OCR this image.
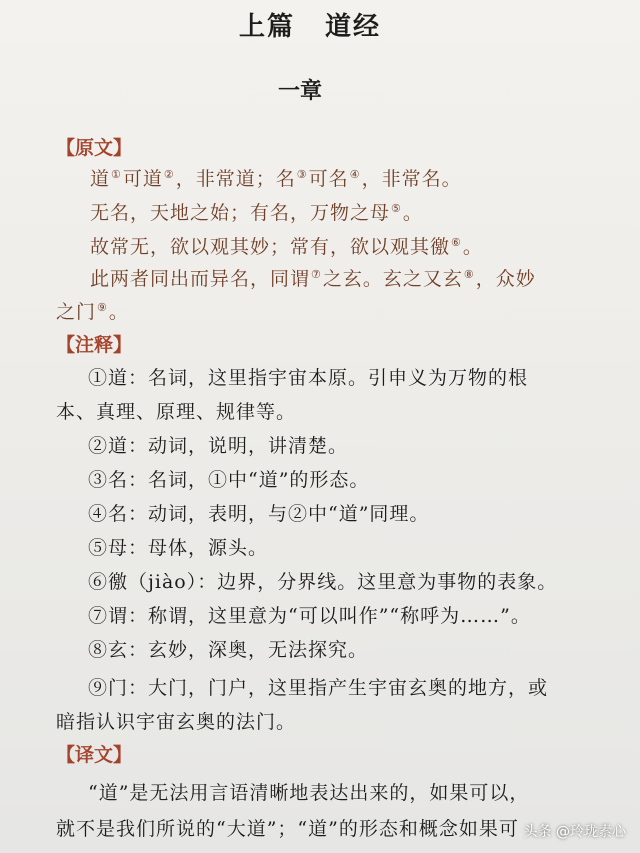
上篇 道经
一章
【原文】
道①可道②，非常道；名③可名④，非常名。
无名，天地之始；有名，万物之母⑤。
故常无，欲以观其妙；常有，欲以观其徼⑥。
此两者同出而异名，同谓⑦之玄。玄之又玄⑧，众妙
之门⑨。
【注释】
①道：名词，这里指宇宙本原。引申义为万物的根
本、真理、原理、规律等。
②道：动词，说明，讲清楚。
③名：名词，①中“道”的形态。
④名：动词，表明，与②中“道”同理。
⑤母：母体，源头。
⑥徼（jiào）：边界，分界线。这里意为事物的表象。
⑦谓：称谓，这里意为“可以叫作”“称呼为……”。
⑧玄：玄妙，深奥，无法探究。
⑨门：大门，门户，这里指产生宇宙玄奥的地方，或
暗指认识宇宙玄奥的法门。
【译文】
“道”是无法用言语清晰地表达出来的，如果可以，
就不是我们所说的“大道”；“道”的形态和概念如果可 头条 @玲珑素心
